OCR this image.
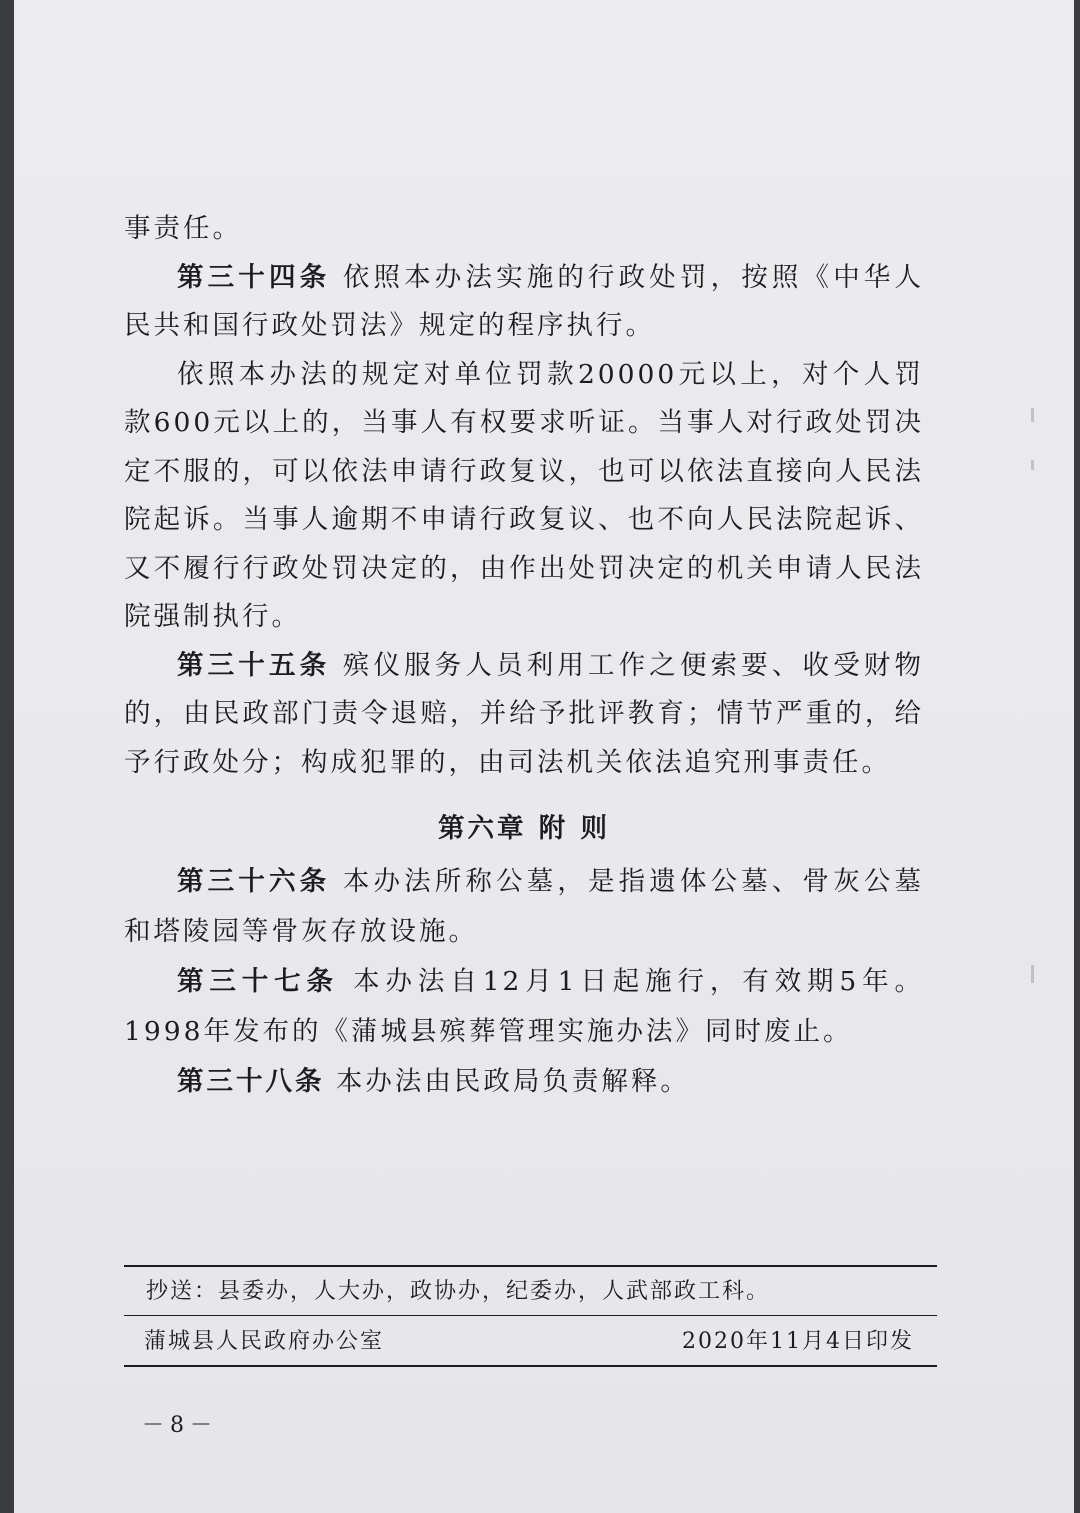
事责任。

第三十四条 依照本办法实施的行政处罚，按照《中华人民共和国行政处罚法》规定的程序执行。

依照本办法的规定对单位罚款20000元以上，对个人罚款600元以上的，当事人有权要求听证。当事人对行政处罚决定不服的，可以依法申请行政复议，也可以依法直接向人民法院起诉。当事人逾期不申请行政复议、也不向人民法院起诉、又不履行行政处罚决定的，由作出处罚决定的机关申请人民法院强制执行。

第三十五条 殡仪服务人员利用工作之便索要、收受财物的，由民政部门责令退赔，并给予批评教育；情节严重的，给予行政处分；构成犯罪的，由司法机关依法追究刑事责任。

第六章 附 则

第三十六条 本办法所称公墓，是指遗体公墓、骨灰公墓和塔陵园等骨灰存放设施。

第三十七条 本办法自12月1日起施行，有效期5年。1998年发布的《蒲城县殡葬管理实施办法》同时废止。

第三十八条 本办法由民政局负责解释。

抄送：县委办，人大办，政协办，纪委办，人武部政工科。
蒲城县人民政府办公室	2020年11月4日印发
－8－
